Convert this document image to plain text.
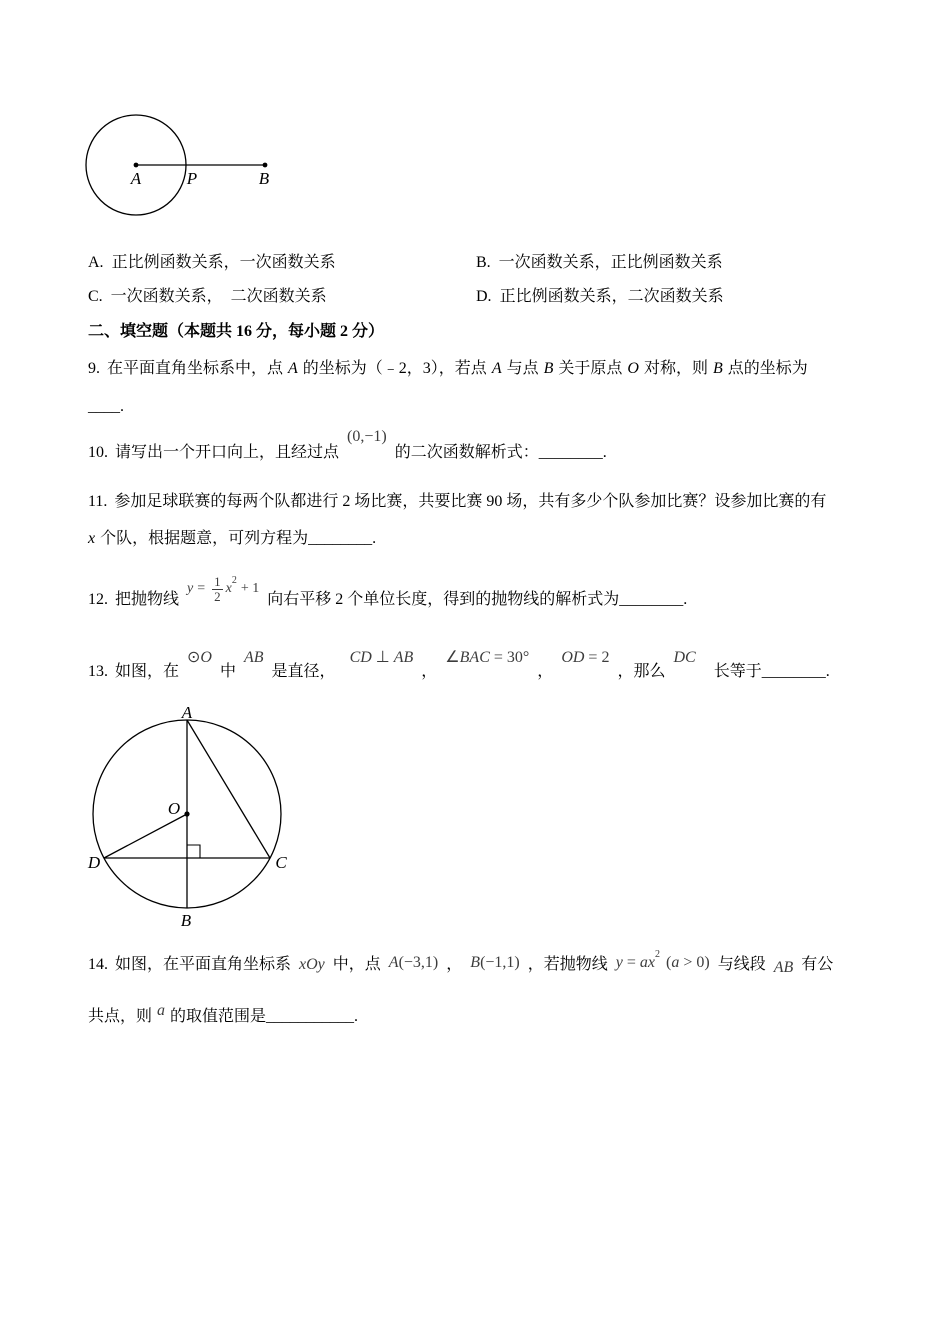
A	P	B
A. 正比例函数关系，一次函数关系	B. 一次函数关系，正比例函数关系
C. 一次函数关系，  二次函数关系	D. 正比例函数关系，二次函数关系
二、填空题（本题共 16 分，每小题 2 分）
9. 在平面直角坐标系中，点 A 的坐标为（﹣2，3），若点 A 与点 B 关于原点 O 对称，则 B 点的坐标为
____.
10. 请写出一个开口向上，且经过点 (0,−1) 的二次函数解析式：________.
11. 参加足球联赛的每两个队都进行 2 场比赛，共要比赛 90 场，共有多少个队参加比赛？设参加比赛的有
x 个队，根据题意，可列方程为________.
12. 把抛物线
$y = \frac{1}{2}$ x
2
+ 1
向右平移 2 个单位长度，得到的抛物线的解析式为________.
13. 如图，在 ⊙O 中 AB 是直径， CD ⊥ AB ， ∠BAC = 30° ， OD = 2 ，那么 DC 长等于________.
A
O
D	C
B
14. 如图，在平面直角坐标系 xOy 中，点 A(−3,1) ， B(−1,1) ，若抛物线 y = ax 2 ( a > 0) 与线段 AB 有公
共点，则 a 的取值范围是___________.
